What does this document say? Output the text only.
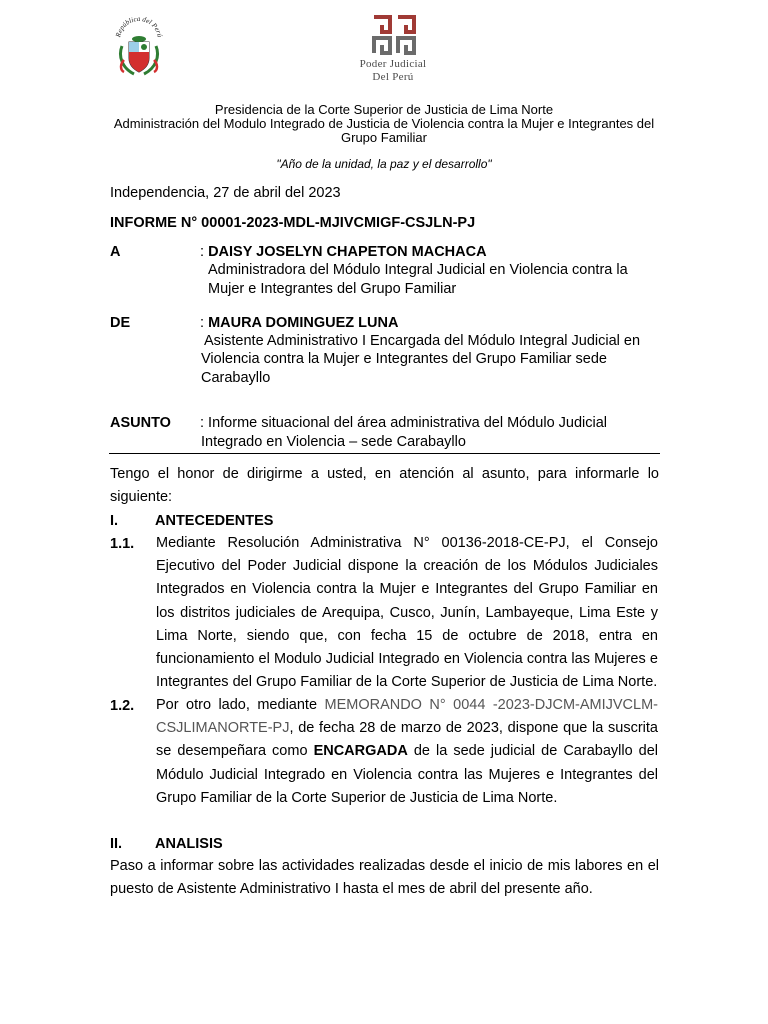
República del Perú
Poder Judicial
Del Perú
Presidencia de la Corte Superior de Justicia de Lima Norte
Administración del Modulo Integrado de Justicia de Violencia contra la Mujer e Integrantes del
Grupo Familiar
"Año de la unidad, la paz y el desarrollo"
Independencia, 27 de abril del 2023
INFORME N° 00001-2023-MDL-MJIVCMIGF-CSJLN-PJ
A	: DAISY JOSELYN CHAPETON MACHACA
Administradora del Módulo Integral Judicial en Violencia contra la
Mujer e Integrantes del Grupo Familiar
DE	: MAURA DOMINGUEZ LUNA
Asistente Administrativo I Encargada del Módulo Integral Judicial en
Violencia contra la Mujer e Integrantes del Grupo Familiar sede
Carabayllo
ASUNTO : Informe situacional del área administrativa del Módulo Judicial
Integrado en Violencia – sede Carabayllo
Tengo el honor de dirigirme a usted, en atención al asunto, para informarle lo siguiente:
I.	ANTECEDENTES
1.1. Mediante Resolución Administrativa N° 00136-2018-CE-PJ, el Consejo Ejecutivo del Poder Judicial dispone la creación de los Módulos Judiciales Integrados en Violencia contra la Mujer e Integrantes del Grupo Familiar en los distritos judiciales de Arequipa, Cusco, Junín, Lambayeque, Lima Este y Lima Norte, siendo que, con fecha 15 de octubre de 2018, entra en funcionamiento el Modulo Judicial Integrado en Violencia contra las Mujeres e Integrantes del Grupo Familiar de la Corte Superior de Justicia de Lima Norte.
1.2. Por otro lado, mediante MEMORANDO N° 0044 -2023-DJCM-AMIJVCLM-CSJLIMANORTE-PJ, de fecha 28 de marzo de 2023, dispone que la suscrita se desempeñara como ENCARGADA de la sede judicial de Carabayllo del Módulo Judicial Integrado en Violencia contra las Mujeres e Integrantes del Grupo Familiar de la Corte Superior de Justicia de Lima Norte.
II. ANALISIS
Paso a informar sobre las actividades realizadas desde el inicio de mis labores en el puesto de Asistente Administrativo I hasta el mes de abril del presente año.
